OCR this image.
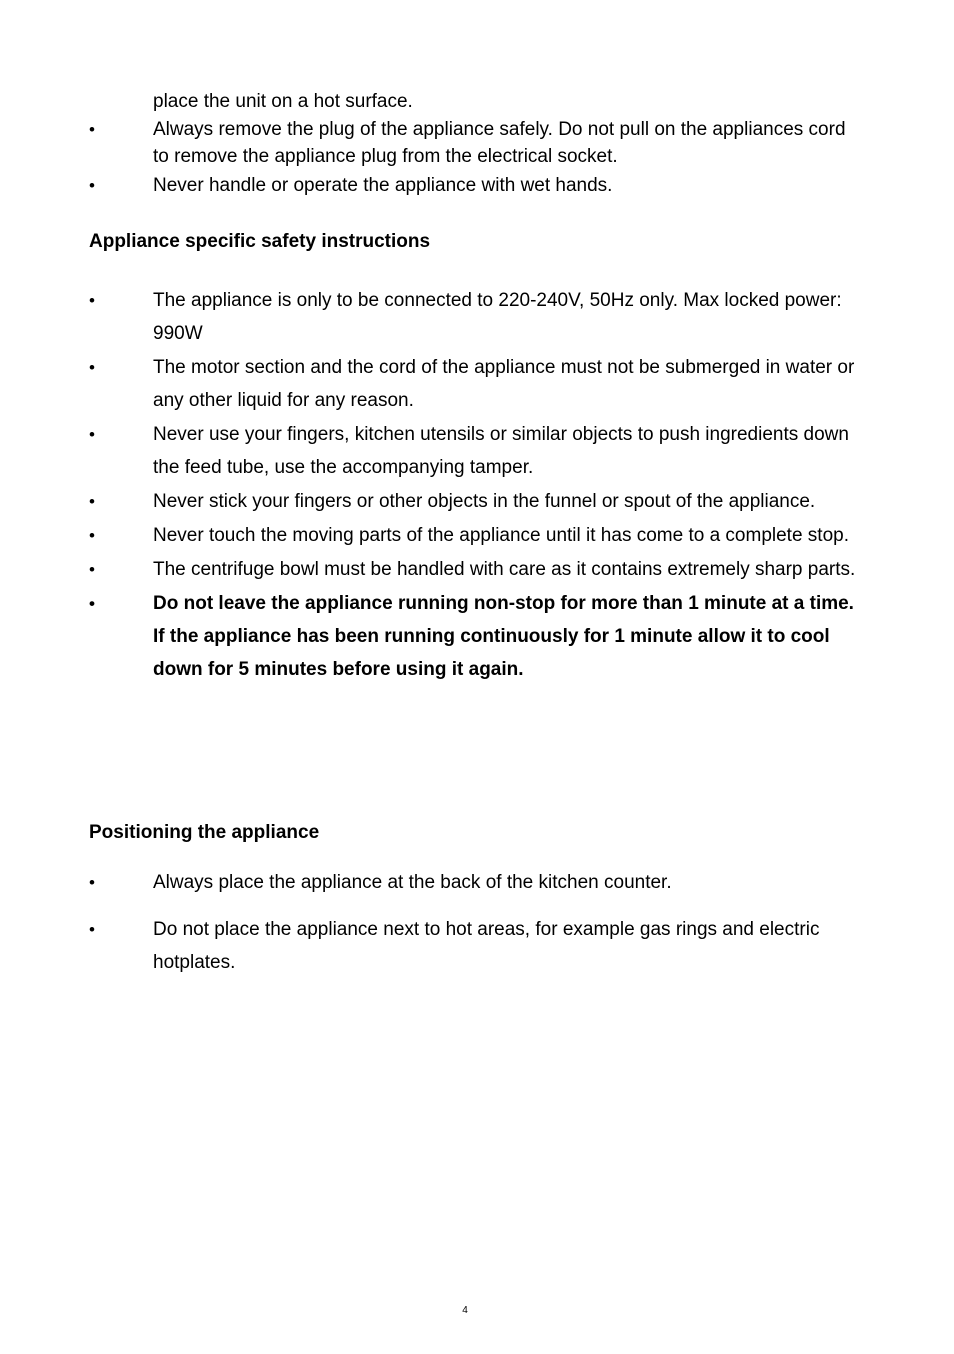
place the unit on a hot surface.

•	Always remove the plug of the appliance safely. Do not pull on the appliances cord to remove the appliance plug from the electrical socket.
•	Never handle or operate the appliance with wet hands.
Appliance specific safety instructions
•	The appliance is only to be connected to 220-240V, 50Hz only. Max locked power: 990W
•	The motor section and the cord of the appliance must not be submerged in water or any other liquid for any reason.
•	Never use your fingers, kitchen utensils or similar objects to push ingredients down the feed tube, use the accompanying tamper.
•	Never stick your fingers or other objects in the funnel or spout of the appliance.
•	Never touch the moving parts of the appliance until it has come to a complete stop.
•	The centrifuge bowl must be handled with care as it contains extremely sharp parts.
•	Do not leave the appliance running non-stop for more than 1 minute at a time. If the appliance has been running continuously for 1 minute allow it to cool down for 5 minutes before using it again.
Positioning the appliance
•	Always place the appliance at the back of the kitchen counter.
•	Do not place the appliance next to hot areas, for example gas rings and electric hotplates.
4
